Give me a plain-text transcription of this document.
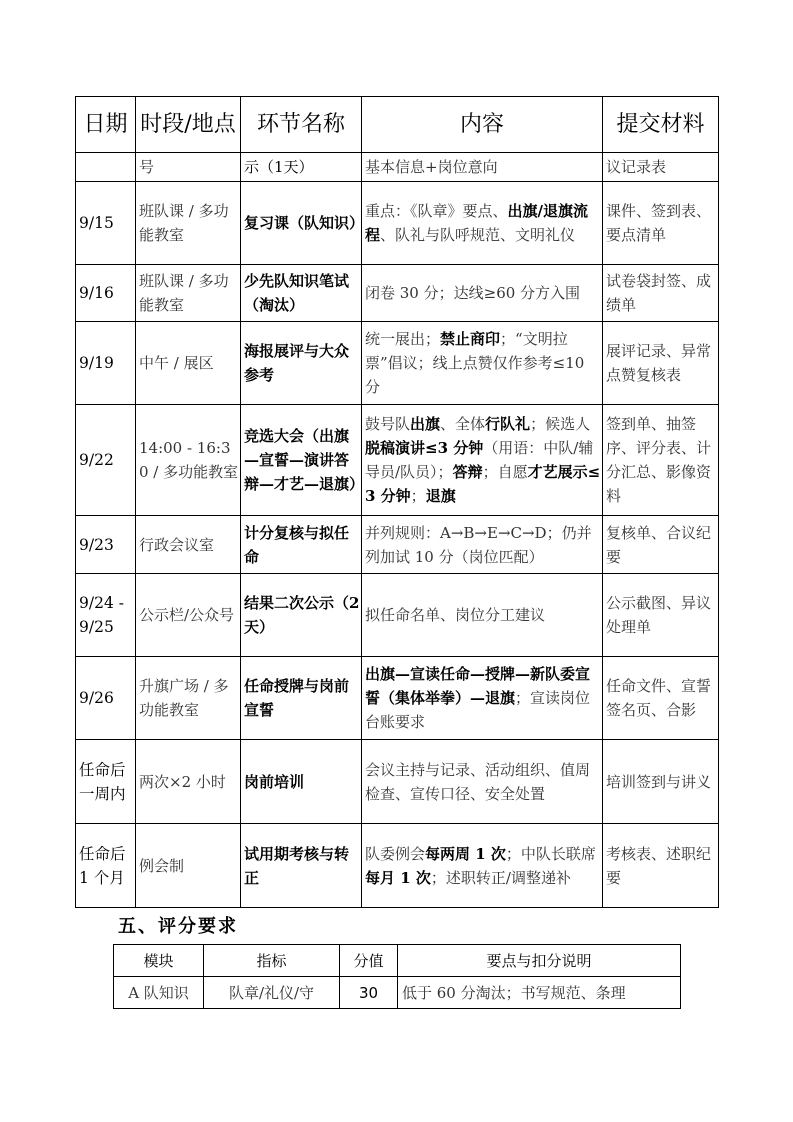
日期	时段/地点	环节名称	内容	提交材料
	号	示（1天）	基本信息+岗位意向	议记录表
9/15	班队课 / 多功能教室	复习课（队知识）	重点：《队章》要点、出旗/退旗流程、队礼与队呼规范、文明礼仪	课件、签到表、要点清单
9/16	班队课 / 多功能教室	少先队知识笔试（淘汰）	闭卷 30 分；达线≥60 分方入围	试卷袋封签、成绩单
9/19	中午 / 展区	海报展评与大众参考	统一展出；禁止商印；“文明拉票”倡议；线上点赞仅作参考≤10 分	展评记录、异常点赞复核表
9/22	14:00 - 16:30 / 多功能教室	竞选大会（出旗—宣誓—演讲答辩—才艺—退旗）	鼓号队出旗、全体行队礼；候选人脱稿演讲≤3 分钟（用语：中队/辅导员/队员）；答辩；自愿才艺展示≤3 分钟；退旗	签到单、抽签序、评分表、计分汇总、影像资料
9/23	行政会议室	计分复核与拟任命	并列规则：A→B→E→C→D；仍并列加试 10 分（岗位匹配）	复核单、合议纪要
9/24 - 9/25	公示栏/公众号	结果二次公示（2 天）	拟任命名单、岗位分工建议	公示截图、异议处理单
9/26	升旗广场 / 多功能教室	任命授牌与岗前宣誓	出旗—宣读任命—授牌—新队委宣誓（集体举拳）—退旗；宣读岗位台账要求	任命文件、宣誓签名页、合影
任命后一周内	两次×2 小时	岗前培训	会议主持与记录、活动组织、值周检查、宣传口径、安全处置	培训签到与讲义
任命后 1 个月	例会制	试用期考核与转正	队委例会每两周 1 次；中队长联席每月 1 次；述职转正/调整递补	考核表、述职纪要
五、评分要求
模块	指标	分值	要点与扣分说明
A 队知识	队章/礼仪/守	30	低于 60 分淘汰；书写规范、条理
